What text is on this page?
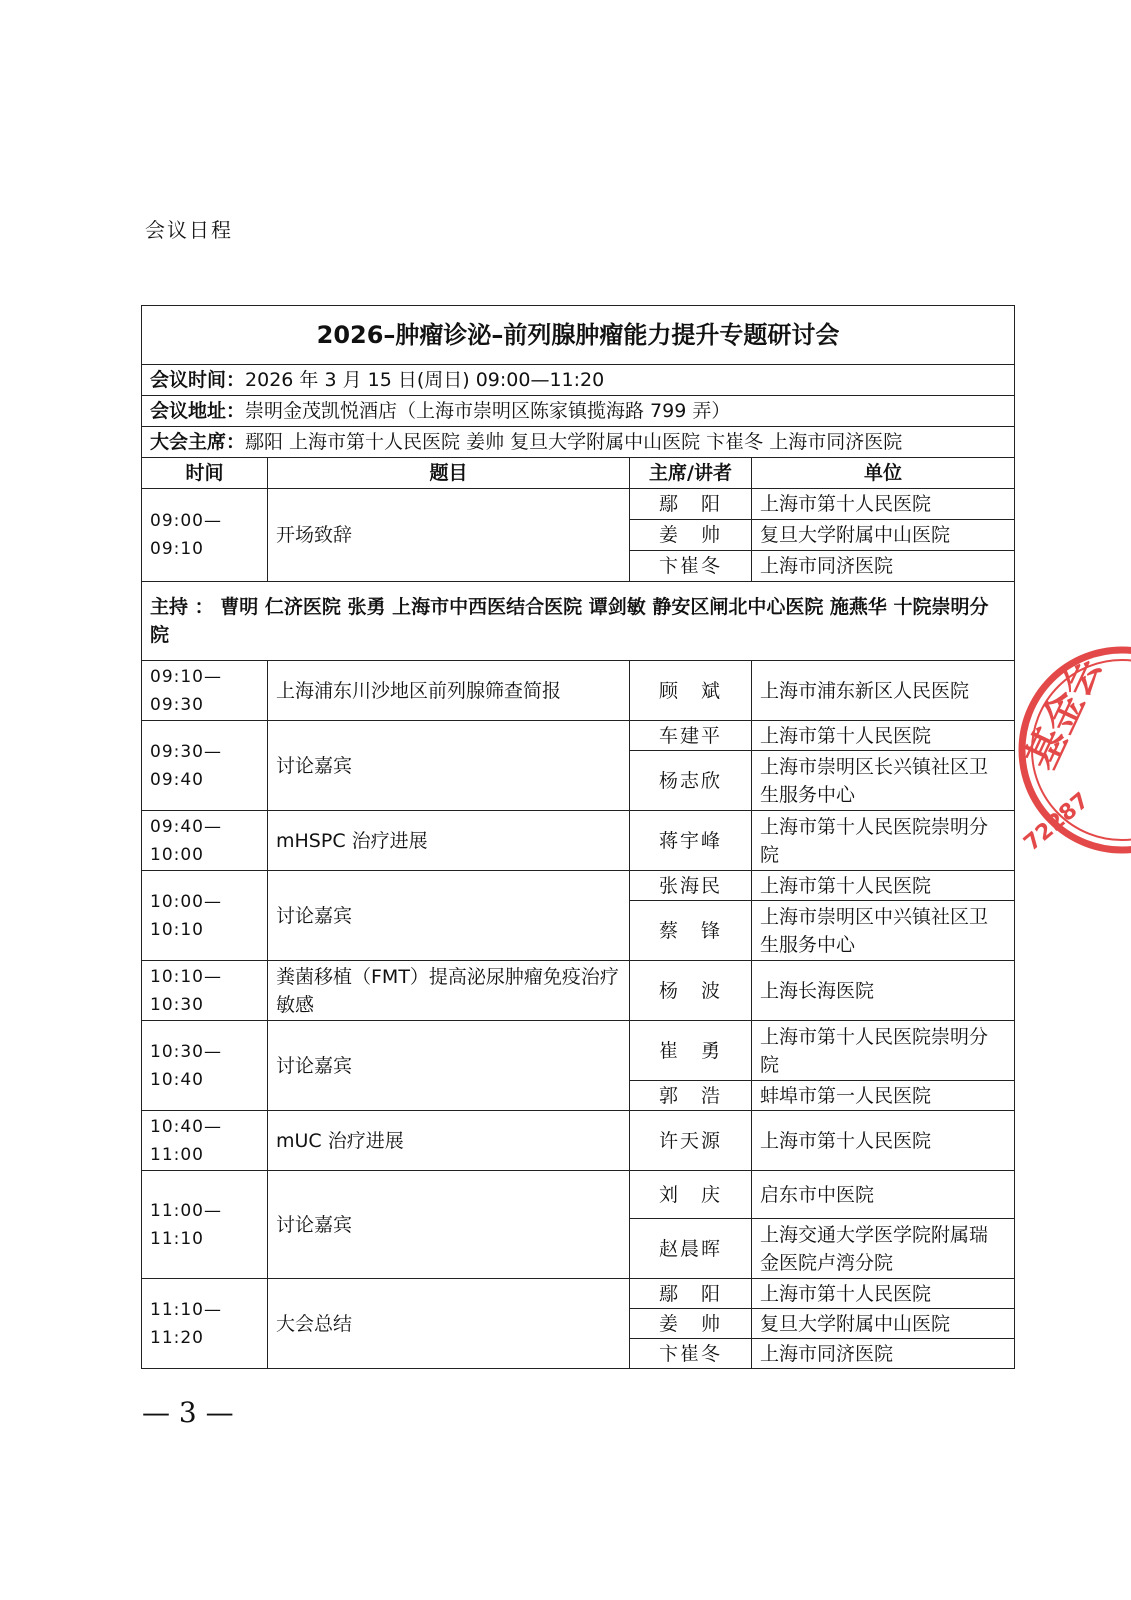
会议日程
2026–肿瘤诊泌–前列腺肿瘤能力提升专题研讨会			
会议时间：2026 年 3 月 15 日(周日) 09:00—11:20			
会议地址：崇明金茂凯悦酒店（上海市崇明区陈家镇揽海路 799 弄）			
大会主席：鄢阳 上海市第十人民医院 姜帅 复旦大学附属中山医院 卞崔冬 上海市同济医院			
时间	题目	主席/讲者	单位
09:00—09:10	开场致辞	鄢　阳	上海市第十人民医院
		姜　帅	复旦大学附属中山医院
		卞崔冬	上海市同济医院
主持 ： 曹明 仁济医院 张勇 上海市中西医结合医院 谭剑敏 静安区闸北中心医院 施燕华 十院崇明分院			
09:10—09:30	上海浦东川沙地区前列腺筛查简报	顾　斌	上海市浦东新区人民医院
09:30—09:40	讨论嘉宾	车建平	上海市第十人民医院
		杨志欣	上海市崇明区长兴镇社区卫生服务中心
09:40—10:00	mHSPC 治疗进展	蒋宇峰	上海市第十人民医院崇明分院
10:00—10:10	讨论嘉宾	张海民	上海市第十人民医院
		蔡　锋	上海市崇明区中兴镇社区卫生服务中心
10:10—10:30	粪菌移植（FMT）提高泌尿肿瘤免疫治疗敏感	杨　波	上海长海医院
10:30—10:40	讨论嘉宾	崔　勇	上海市第十人民医院崇明分院
		郭　浩	蚌埠市第一人民医院
10:40—11:00	mUC 治疗进展	许天源	上海市第十人民医院
11:00—11:10	讨论嘉宾	刘　庆	启东市中医院
		赵晨晖	上海交通大学医学院附属瑞金医院卢湾分院
11:10—11:20	大会总结	鄢　阳	上海市第十人民医院
		姜　帅	复旦大学附属中山医院
		卞崔冬	上海市同济医院
— 3 —
基金会
72287
